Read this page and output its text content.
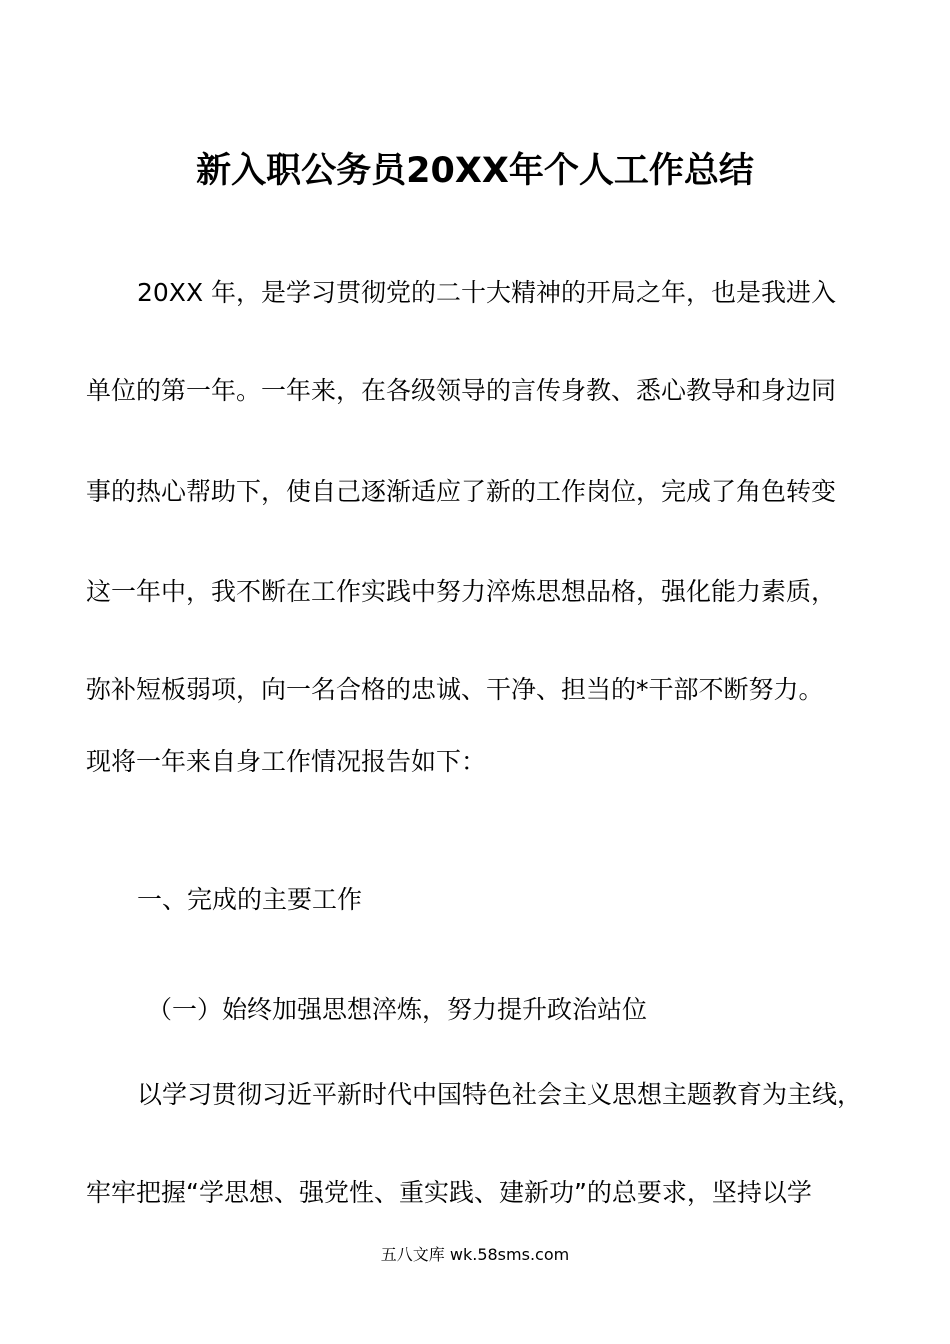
新入职公务员20XX年个人工作总结
20XX 年，是学习贯彻党的二十大精神的开局之年，也是我进入
单位的第一年。一年来，在各级领导的言传身教、悉心教导和身边同
事的热心帮助下，使自己逐渐适应了新的工作岗位，完成了角色转变
这一年中，我不断在工作实践中努力淬炼思想品格，强化能力素质，
弥补短板弱项，向一名合格的忠诚、干净、担当的*干部不断努力。
现将一年来自身工作情况报告如下：
一、完成的主要工作
（一）始终加强思想淬炼，努力提升政治站位
以学习贯彻习近平新时代中国特色社会主义思想主题教育为主线，
牢牢把握“学思想、强党性、重实践、建新功”的总要求，坚持以学
五八文库 wk.58sms.com
